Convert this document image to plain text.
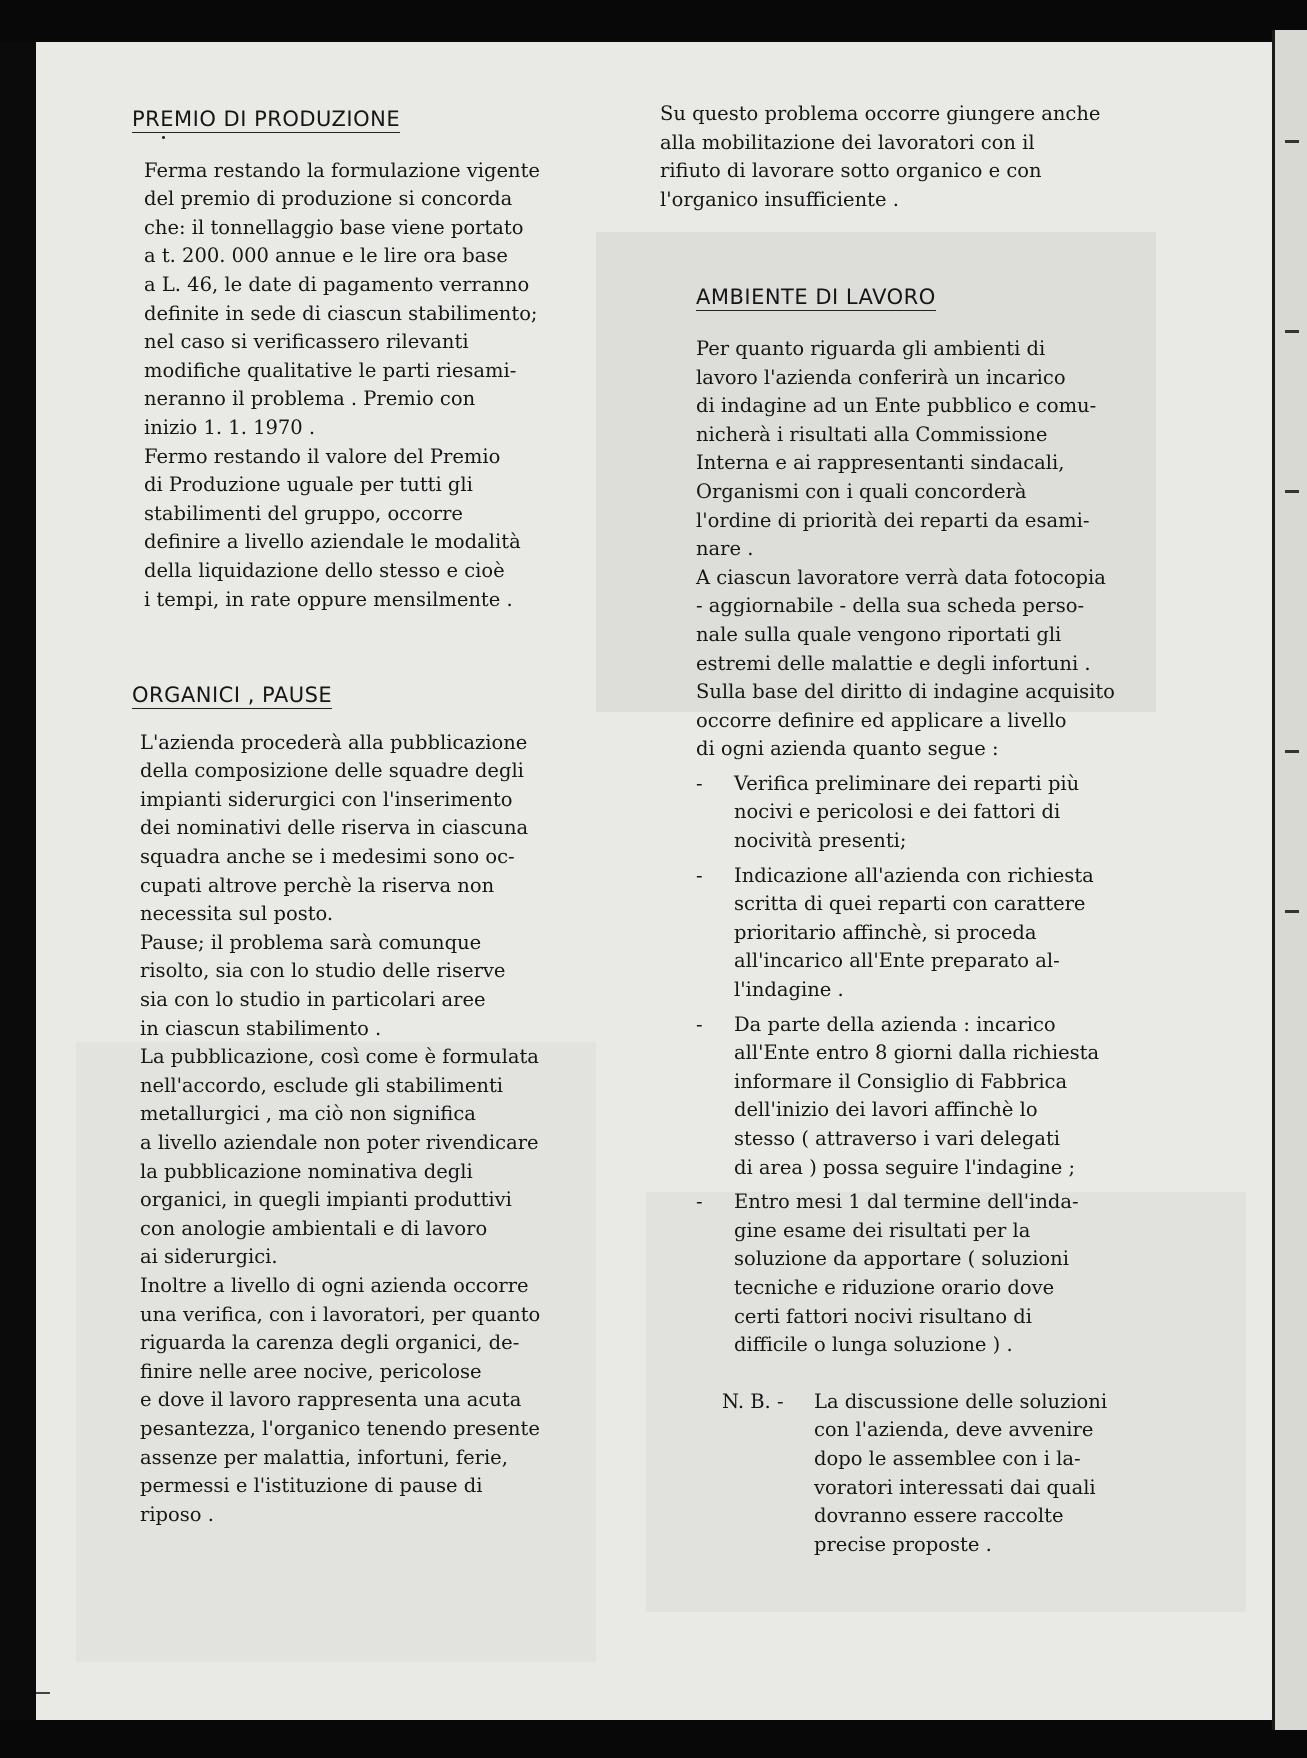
PREMIO DI PRODUZIONE

Ferma restando la formulazione vigente
del premio di produzione si concorda
che: il tonnellaggio base viene portato
a t. 200. 000 annue e le lire ora base
a L. 46, le date di pagamento verranno
definite in sede di ciascun stabilimento;
nel caso si verificassero rilevanti
modifiche qualitative le parti riesami-
neranno il problema . Premio con
inizio 1. 1. 1970 .

Fermo restando il valore del Premio
di Produzione uguale per tutti gli
stabilimenti del gruppo, occorre
definire a livello aziendale le modalità
della liquidazione dello stesso e cioè
i tempi, in rate oppure mensilmente .

ORGANICI , PAUSE

L'azienda procederà alla pubblicazione
della composizione delle squadre degli
impianti siderurgici con l'inserimento
dei nominativi delle riserva in ciascuna
squadra anche se i medesimi sono oc-
cupati altrove perchè la riserva non
necessita sul posto.

Pause; il problema sarà comunque
risolto, sia con lo studio delle riserve
sia con lo studio in particolari aree
in ciascun stabilimento .

La pubblicazione, così come è formulata
nell'accordo, esclude gli stabilimenti
metallurgici , ma ciò non significa
a livello aziendale non poter rivendicare
la pubblicazione nominativa degli
organici, in quegli impianti produttivi
con anologie ambientali e di lavoro
ai siderurgici.

Inoltre a livello di ogni azienda occorre
una verifica, con i lavoratori, per quanto
riguarda la carenza degli organici, de-
finire nelle aree nocive, pericolose
e dove il lavoro rappresenta una acuta
pesantezza, l'organico tenendo presente
assenze per malattia, infortuni, ferie,
permessi e l'istituzione di pause di
riposo .

Su questo problema occorre giungere anche
alla mobilitazione dei lavoratori con il
rifiuto di lavorare sotto organico e con
l'organico insufficiente .

AMBIENTE DI LAVORO

Per quanto riguarda gli ambienti di
lavoro l'azienda conferirà un incarico
di indagine ad un Ente pubblico e comu-
nicherà i risultati alla Commissione
Interna e ai rappresentanti sindacali,
Organismi con i quali concorderà
l'ordine di priorità dei reparti da esami-
nare .

A ciascun lavoratore verrà data fotocopia
- aggiornabile - della sua scheda perso-
nale sulla quale vengono riportati gli
estremi delle malattie e degli infortuni .

Sulla base del diritto di indagine acquisito
occorre definire ed applicare a livello
di ogni azienda quanto segue :

-	Verifica preliminare dei reparti più
nocivi e pericolosi e dei fattori di
nocività presenti;
-	Indicazione all'azienda con richiesta
scritta di quei reparti con carattere
prioritario affinchè, si proceda
all'incarico all'Ente preparato al-
l'indagine .
-	Da parte della azienda : incarico
all'Ente entro 8 giorni dalla richiesta
informare il Consiglio di Fabbrica
dell'inizio dei lavori affinchè lo
stesso ( attraverso i vari delegati
di area ) possa seguire l'indagine ;
-	Entro mesi 1 dal termine dell'inda-
gine esame dei risultati per la
soluzione da apportare ( soluzioni
tecniche e riduzione orario dove
certi fattori nocivi risultano di
difficile o lunga soluzione ) .
N. B. -	La discussione delle soluzioni
con l'azienda, deve avvenire
dopo le assemblee con i la-
voratori interessati dai quali
dovranno essere raccolte
precise proposte .
